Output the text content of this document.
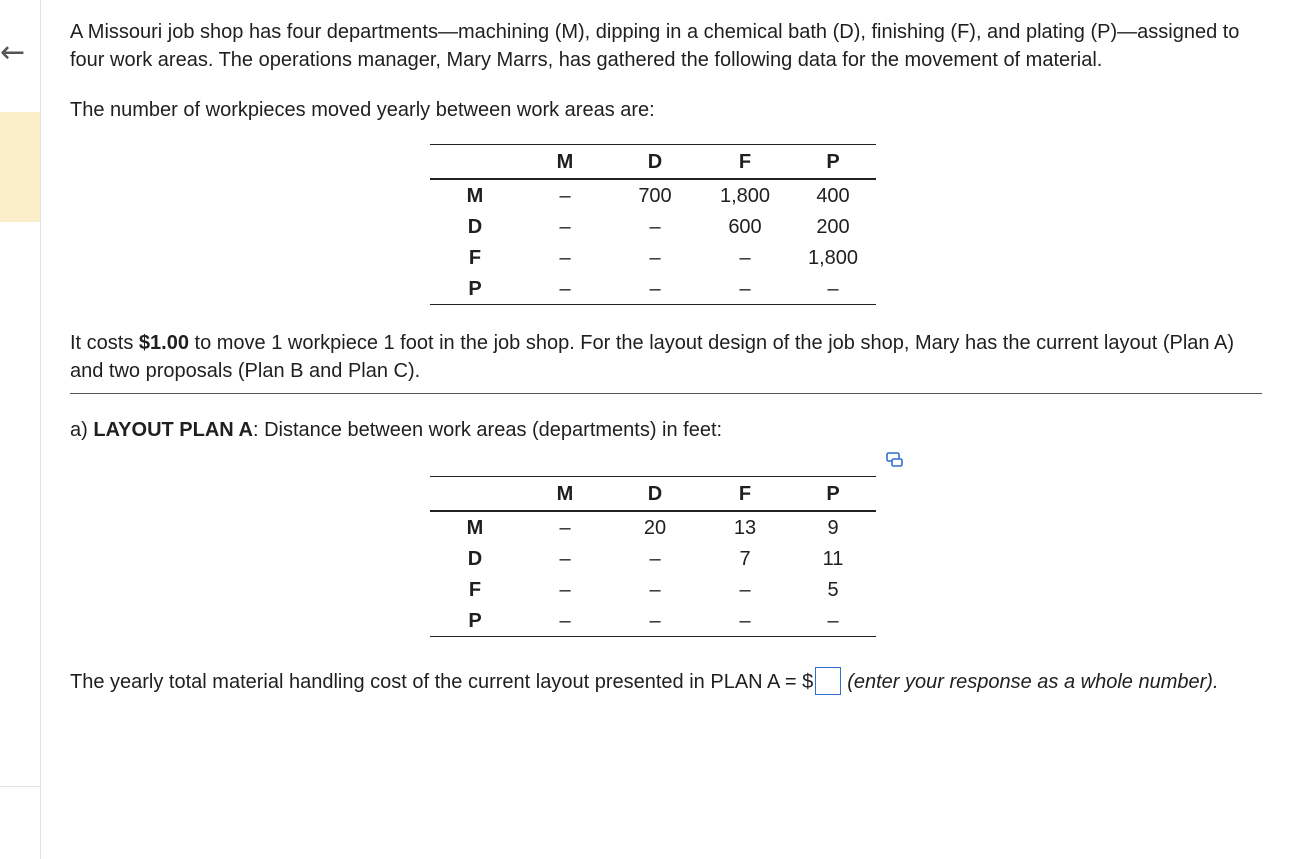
←

A Missouri job shop has four departments—machining (M), dipping in a chemical bath (D), finishing (F), and plating (P)—assigned to four work areas. The operations manager, Mary Marrs, has gathered the following data for the movement of material.

The number of workpieces moved yearly between work areas are:

	M	D	F	P
M	–	700	1,800	400
D	–	–	600	200
F	–	–	–	1,800
P	–	–	–	–

It costs $1.00 to move 1 workpiece 1 foot in the job shop. For the layout design of the job shop, Mary has the current layout (Plan A) and two proposals (Plan B and Plan C).

a) LAYOUT PLAN A: Distance between work areas (departments) in feet:

	M	D	F	P
M	–	20	13	9
D	–	–	7	11
F	–	–	–	5
P	–	–	–	–

The yearly total material handling cost of the current layout presented in PLAN A = $ (enter your response as a whole number).
